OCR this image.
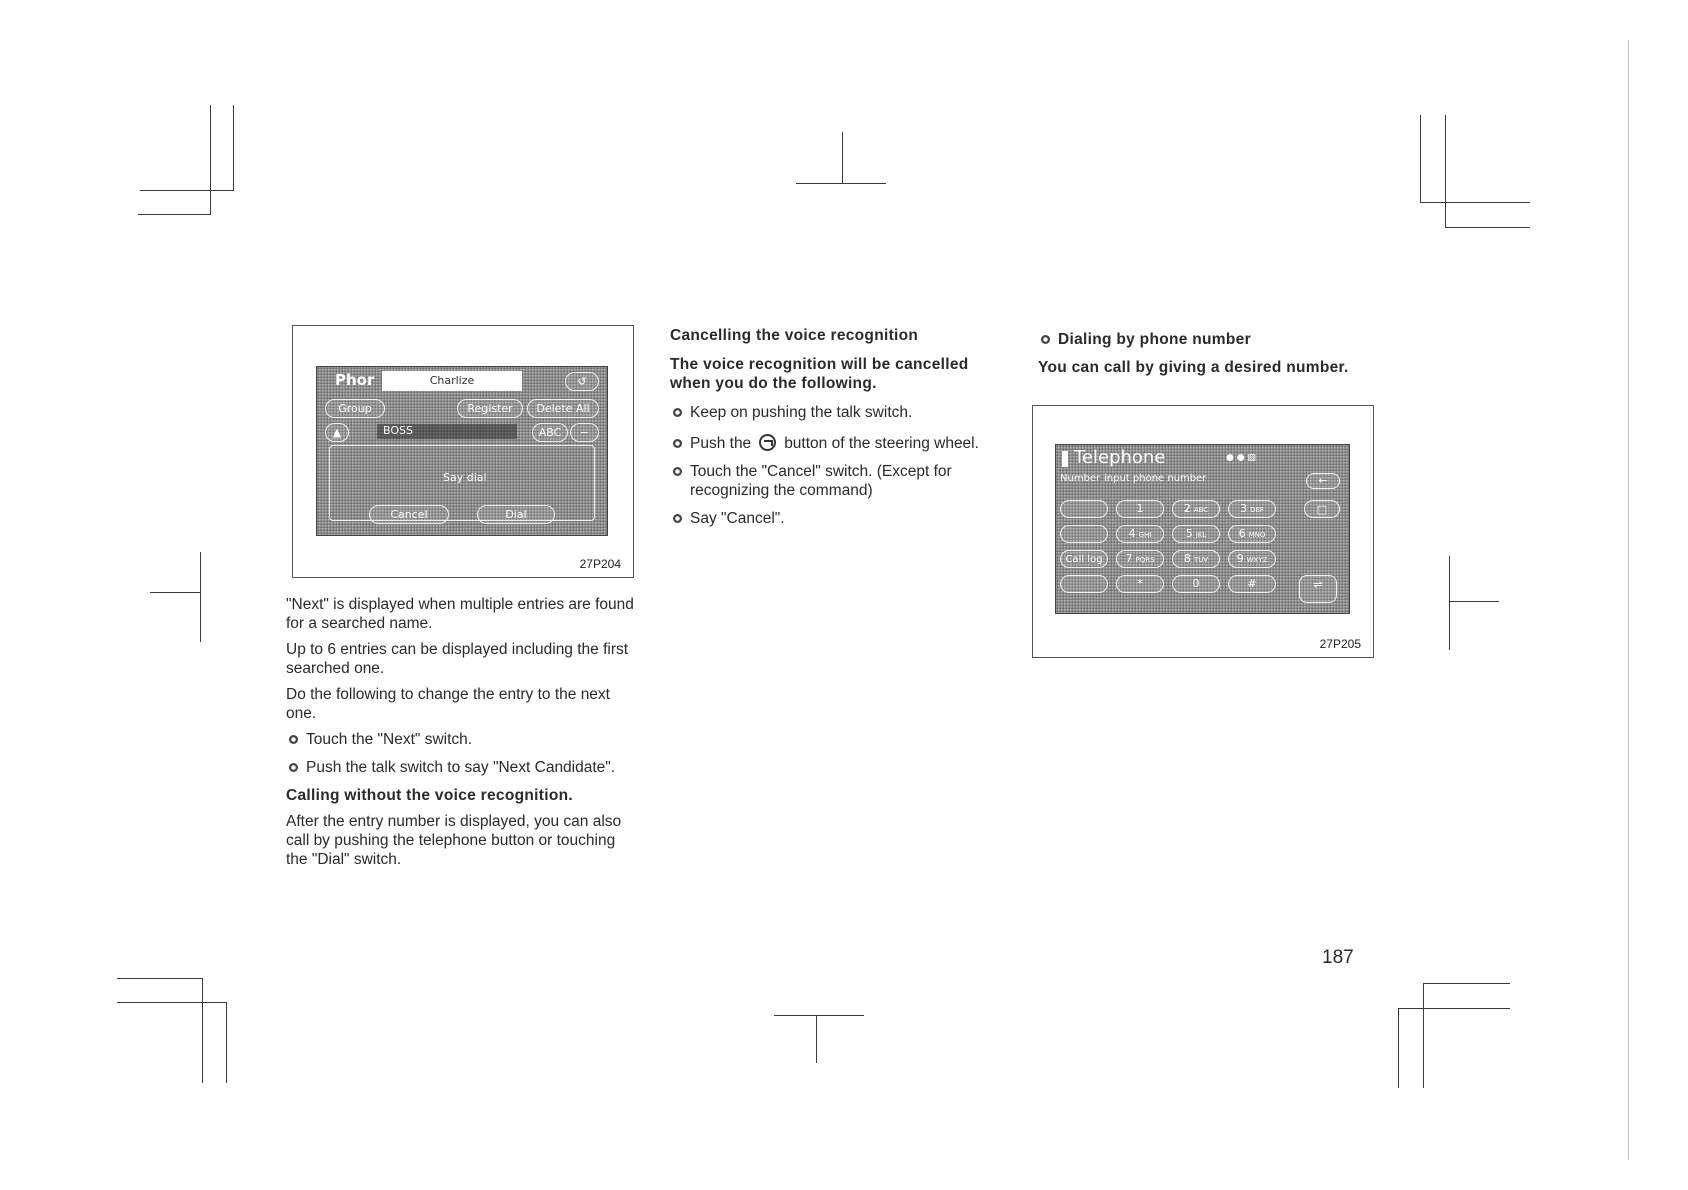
Phor	Charlize	↺
Group	Register	Delete All
▲	BOSS	ABC	−
Say dial
Cancel	Dial
27P204
Telephone	● ● ▧
Number input phone number	←
Call log
1	2 ABC	3 DEF
4 GHI	5 JKL	6 MNO
7 PQRS	8 TUV	9 WXYZ
*	0	#
□
⇌
27P205

"Next" is displayed when multiple entries are found for a searched name.

Up to 6 entries can be displayed including the first searched one.

Do the following to change the entry to the next one.

Touch the "Next" switch.
Push the talk switch to say "Next Candidate".

Calling without the voice recognition.

After the entry number is displayed, you can also call by pushing the telephone button or touching the "Dial" switch.

Cancelling the voice recognition

The voice recognition will be cancelled when you do the following.

Keep on pushing the talk switch.
Push the button of the steering wheel.
Touch the "Cancel" switch. (Except for recognizing the command)
Say "Cancel".
Dialing by phone number

You can call by giving a desired number.

187
